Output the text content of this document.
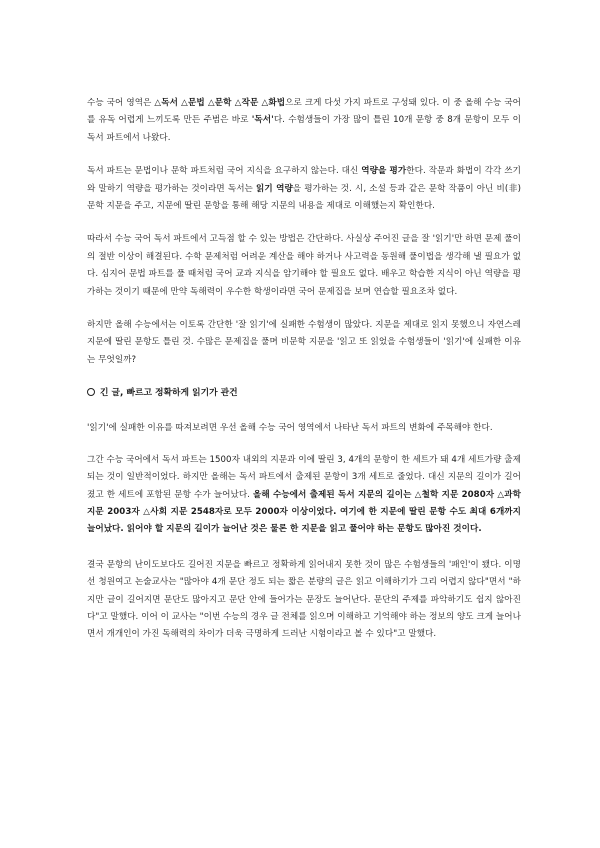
수능 국어 영역은 △독서 △문법 △문학 △작문 △화법으로 크게 다섯 가지 파트로 구성돼 있다. 이 중 올해 수능 국어를 유독 어렵게 느끼도록 만든 주범은 바로 '독서'다. 수험생들이 가장 많이 틀린 10개 문항 중 8개 문항이 모두 이 독서 파트에서 나왔다.

독서 파트는 문법이나 문학 파트처럼 국어 지식을 요구하지 않는다. 대신 역량을 평가한다. 작문과 화법이 각각 쓰기와 말하기 역량을 평가하는 것이라면 독서는 읽기 역량을 평가하는 것. 시, 소설 등과 같은 문학 작품이 아닌 비(非)문학 지문을 주고, 지문에 딸린 문항을 통해 해당 지문의 내용을 제대로 이해했는지 확인한다.

따라서 수능 국어 독서 파트에서 고득점 할 수 있는 방법은 간단하다. 사실상 주어진 글을 잘 '읽기'만 하면 문제 풀이의 절반 이상이 해결된다. 수학 문제처럼 어려운 계산을 해야 하거나 사고력을 동원해 풀이법을 생각해 낼 필요가 없다. 심지어 문법 파트를 풀 때처럼 국어 교과 지식을 암기해야 할 필요도 없다. 배우고 학습한 지식이 아닌 역량을 평가하는 것이기 때문에 만약 독해력이 우수한 학생이라면 국어 문제집을 보며 연습할 필요조차 없다.

하지만 올해 수능에서는 이토록 간단한 '잘 읽기'에 실패한 수험생이 많았다. 지문을 제대로 읽지 못했으니 자연스레 지문에 딸린 문항도 틀린 것. 수많은 문제집을 풀며 비문학 지문을 '읽고 또 읽었을 수험생들이 '읽기'에 실패한 이유는 무엇일까?

긴 글, 빠르고 정확하게 읽기가 관건

'읽기'에 실패한 이유를 따져보려면 우선 올해 수능 국어 영역에서 나타난 독서 파트의 변화에 주목해야 한다.

그간 수능 국어에서 독서 파트는 1500자 내외의 지문과 이에 딸린 3, 4개의 문항이 한 세트가 돼 4개 세트가량 출제되는 것이 일반적이었다. 하지만 올해는 독서 파트에서 출제된 문항이 3개 세트로 줄었다. 대신 지문의 길이가 길어졌고 한 세트에 포함된 문항 수가 늘어났다. 올해 수능에서 출제된 독서 지문의 길이는 △철학 지문 2080자 △과학 지문 2003자 △사회 지문 2548자로 모두 2000자 이상이었다. 여기에 한 지문에 딸린 문항 수도 최대 6개까지 늘어났다. 읽어야 할 지문의 길이가 늘어난 것은 물론 한 지문을 읽고 풀어야 하는 문항도 많아진 것이다.

결국 문항의 난이도보다도 길어진 지문을 빠르고 정확하게 읽어내지 못한 것이 많은 수험생들의 '패인'이 됐다. 이명선 청원여고 논술교사는 "많아야 4개 문단 정도 되는 짧은 분량의 글은 읽고 이해하기가 그리 어렵지 않다"면서 "하지만 글이 길어지면 문단도 많아지고 문단 안에 들어가는 문장도 늘어난다. 문단의 주제를 파악하기도 쉽지 않아진다"고 말했다. 이어 이 교사는 "이번 수능의 경우 글 전체를 읽으며 이해하고 기억해야 하는 정보의 양도 크게 늘어나면서 개개인이 가진 독해력의 차이가 더욱 극명하게 드러난 시험이라고 볼 수 있다"고 말했다.
